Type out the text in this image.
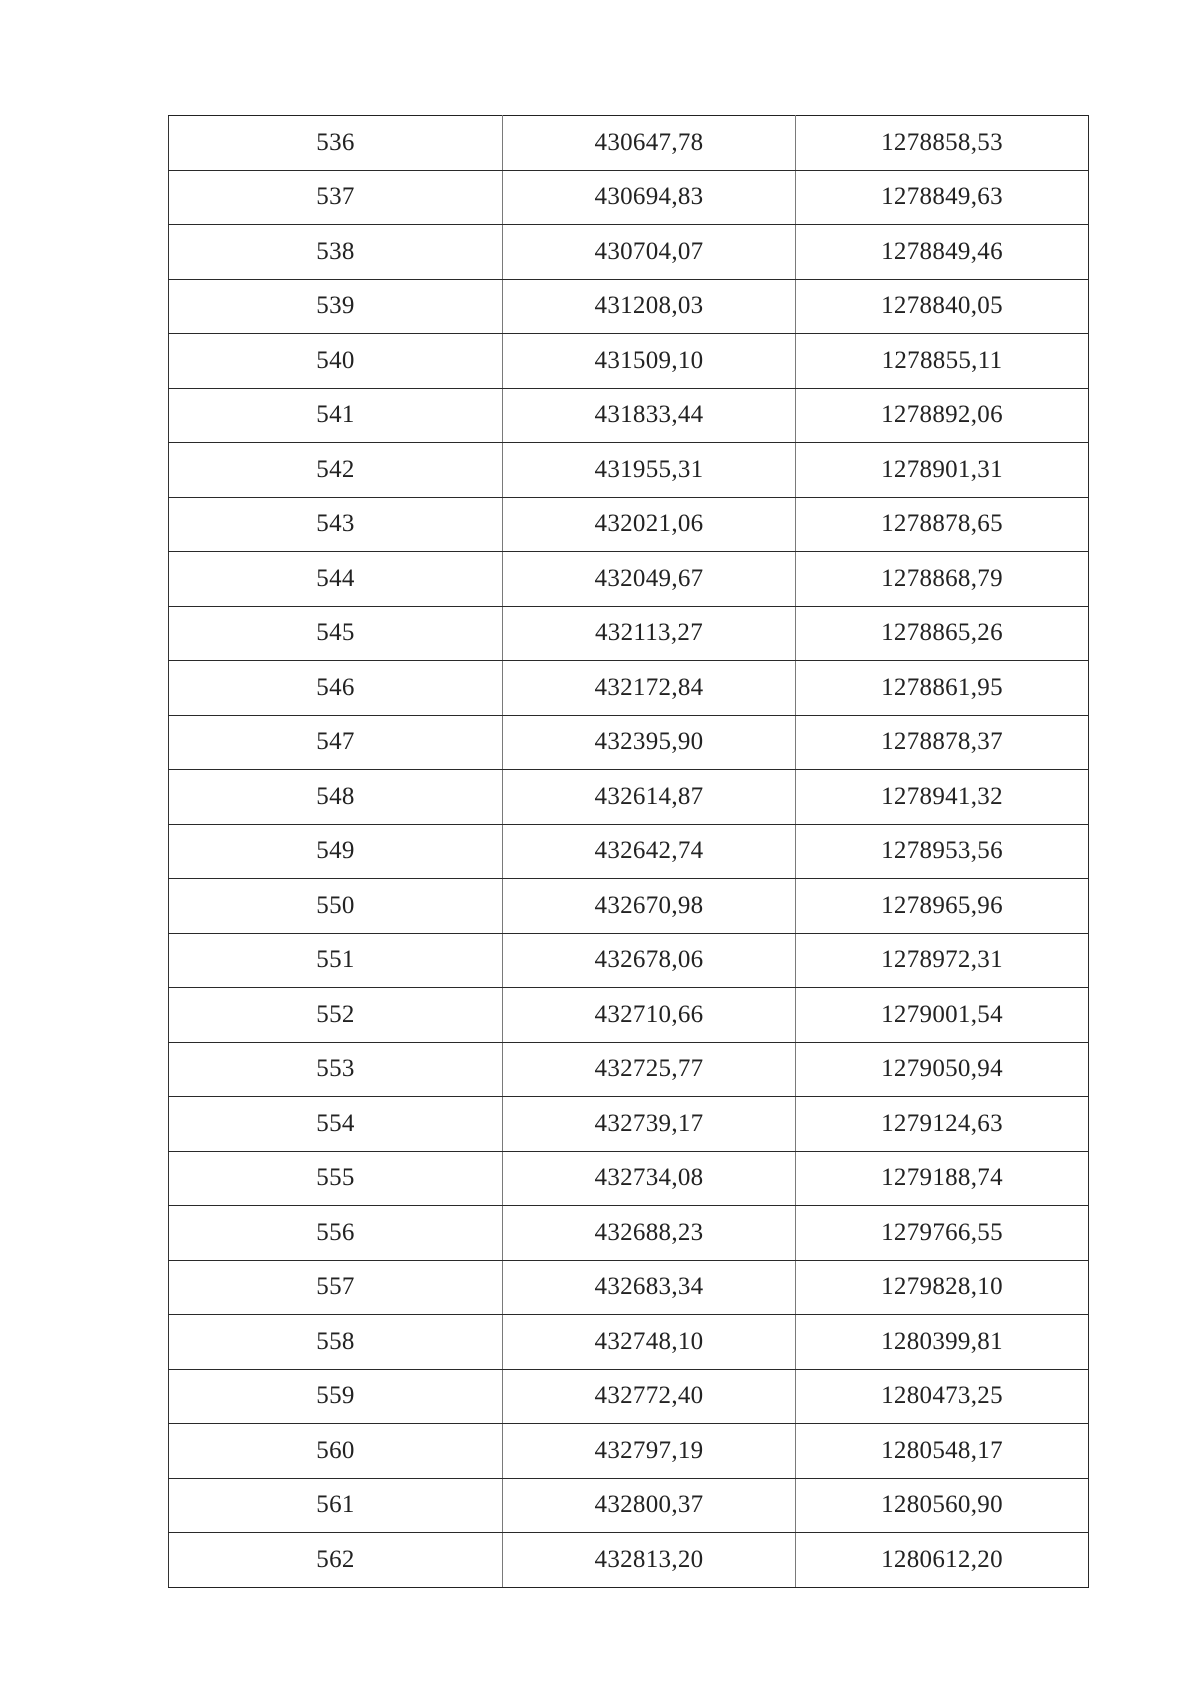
536	430647,78	1278858,53
537	430694,83	1278849,63
538	430704,07	1278849,46
539	431208,03	1278840,05
540	431509,10	1278855,11
541	431833,44	1278892,06
542	431955,31	1278901,31
543	432021,06	1278878,65
544	432049,67	1278868,79
545	432113,27	1278865,26
546	432172,84	1278861,95
547	432395,90	1278878,37
548	432614,87	1278941,32
549	432642,74	1278953,56
550	432670,98	1278965,96
551	432678,06	1278972,31
552	432710,66	1279001,54
553	432725,77	1279050,94
554	432739,17	1279124,63
555	432734,08	1279188,74
556	432688,23	1279766,55
557	432683,34	1279828,10
558	432748,10	1280399,81
559	432772,40	1280473,25
560	432797,19	1280548,17
561	432800,37	1280560,90
562	432813,20	1280612,20
